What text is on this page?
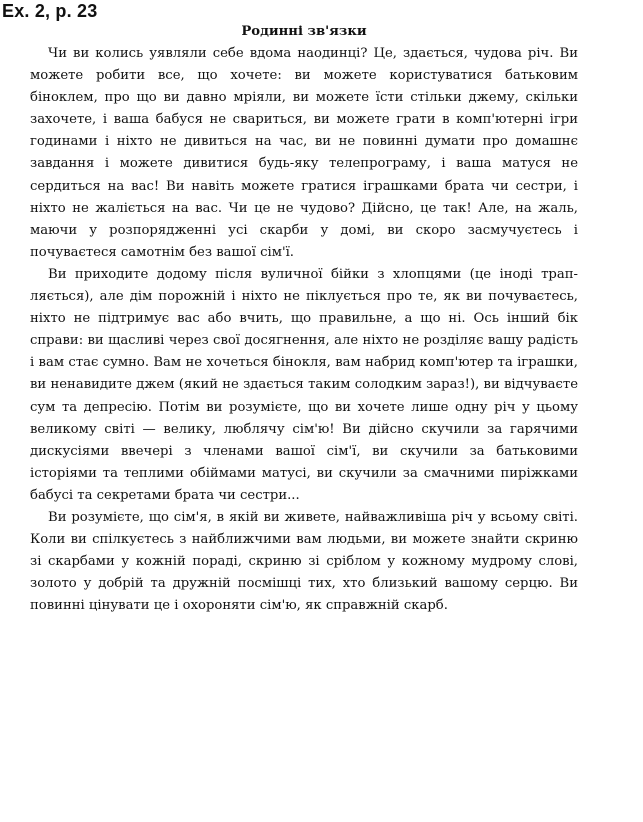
Ex. 2, p. 23
Родинні зв'язки

Чи ви колись уявляли себе вдома наодинці? Це, здається, чудова річ. Ви можете робити все, що хочете: ви можете користуватися батьковим біноклем, про що ви давно мріяли, ви можете їсти стільки джему, скільки захочете, і ваша бабуся не свариться, ви можете грати в комп'ютерні ігри годинами і ніхто не дивиться на час, ви не повинні думати про домашнє завдання і можете дивитися будь-яку телепрограму, і ваша матуся не сердиться на вас! Ви навіть можете гратися іграшками брата чи сестри, і ніхто не жаліється на вас. Чи це не чудово? Дійсно, це так! Але, на жаль, маючи у розпорядженні усі скарби у домі, ви скоро засмучуєтесь і почуваєтеся самотнім без вашої сім'ї.

Ви приходите додому після вуличної бійки з хлопцями (це іноді трапляється), але дім порожній і ніхто не піклується про те, як ви почуваєтесь, ніхто не підтримує вас або вчить, що правильне, а що ні. Ось інший бік справи: ви щасливі через свої досягнення, але ніхто не розділяє вашу радість і вам стає сумно. Вам не хочеться бінокля, вам набрид комп'ютер та іграшки, ви ненавидите джем (який не здається таким солодким зараз!), ви відчуваєте сум та депресію. Потім ви розумієте, що ви хочете лише одну річ у цьому великому світі — велику, люблячу сім'ю! Ви дійсно скучили за гарячими дискусіями ввечері з членами вашої сім'ї, ви скучили за батьковими історіями та теплими обіймами матусі, ви скучили за смачними пиріжками бабусі та секретами брата чи сестри...

Ви розумієте, що сім'я, в якій ви живете, найважливіша річ у всьому світі. Коли ви спілкуєтесь з найближчими вам людьми, ви можете знайти скриню зі скарбами у кожній пораді, скриню зі сріблом у кожному мудрому слові, золото у добрій та дружній посмішці тих, хто близький вашому серцю. Ви повинні цінувати це і охороняти сім'ю, як справжній скарб.
